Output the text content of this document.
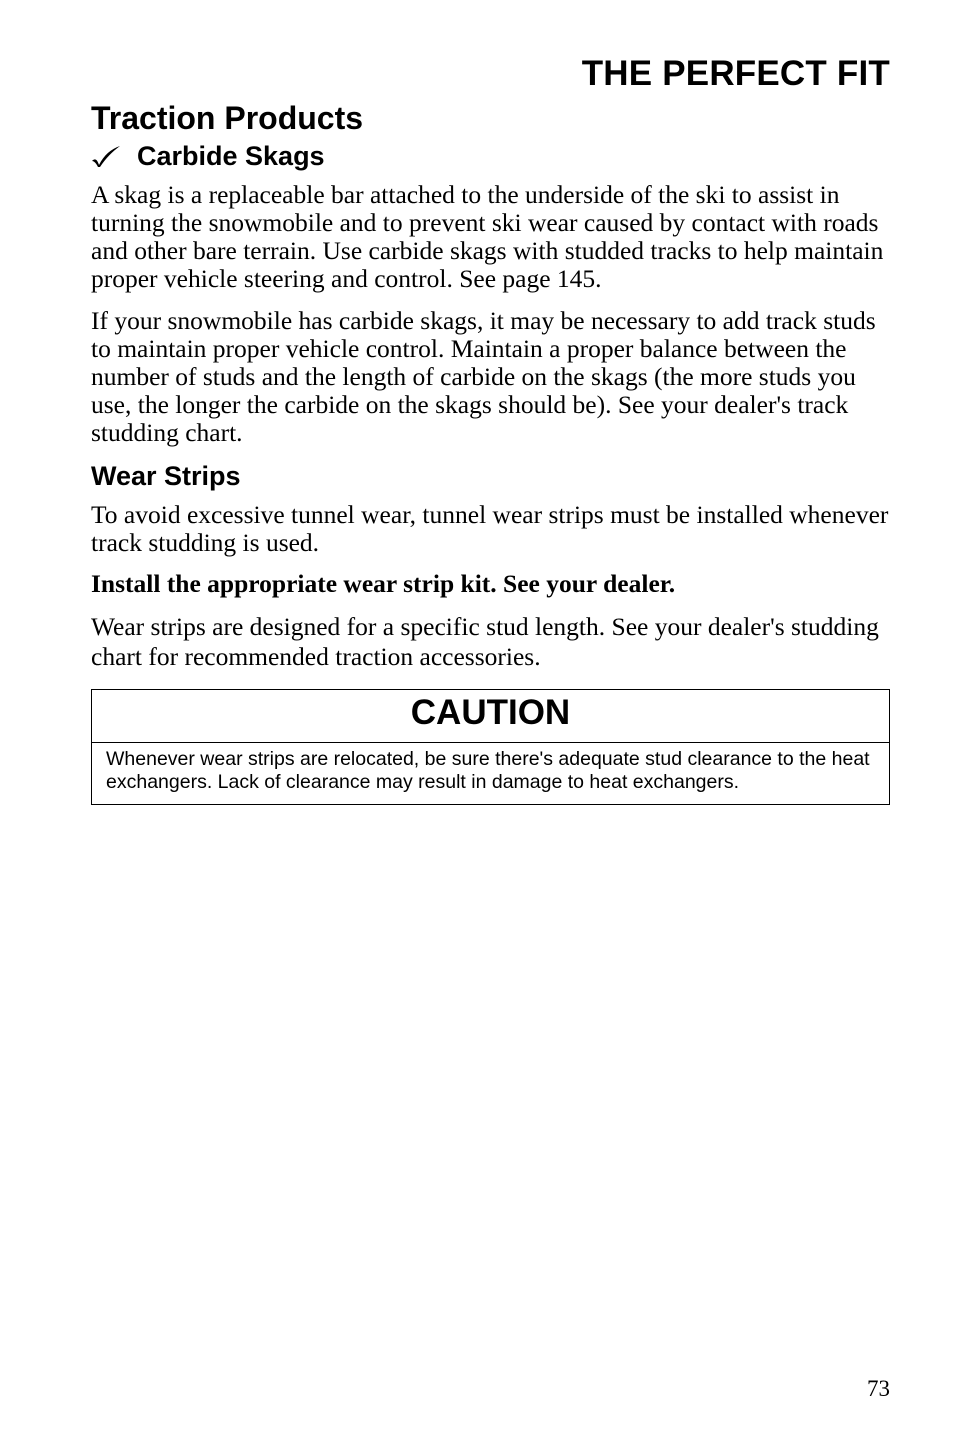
THE PERFECT FIT
Traction Products
Carbide Skags

A skag is a replaceable bar attached to the underside of the ski to assist in turning the snowmobile and to prevent ski wear caused by contact with roads and other bare terrain. Use carbide skags with studded tracks to help maintain proper vehicle steering and control. See page 145.

If your snowmobile has carbide skags, it may be necessary to add track studs to maintain proper vehicle control. Maintain a proper balance between the number of studs and the length of carbide on the skags (the more studs you use, the longer the carbide on the skags should be). See your dealer's track studding chart.

Wear Strips

To avoid excessive tunnel wear, tunnel wear strips must be installed whenever track studding is used.

Install the appropriate wear strip kit. See your dealer.

Wear strips are designed for a specific stud length. See your dealer's studding chart for recommended traction accessories.

CAUTION
Whenever wear strips are relocated, be sure there's adequate stud clearance to the heat exchangers. Lack of clearance may result in damage to heat exchangers.
73
